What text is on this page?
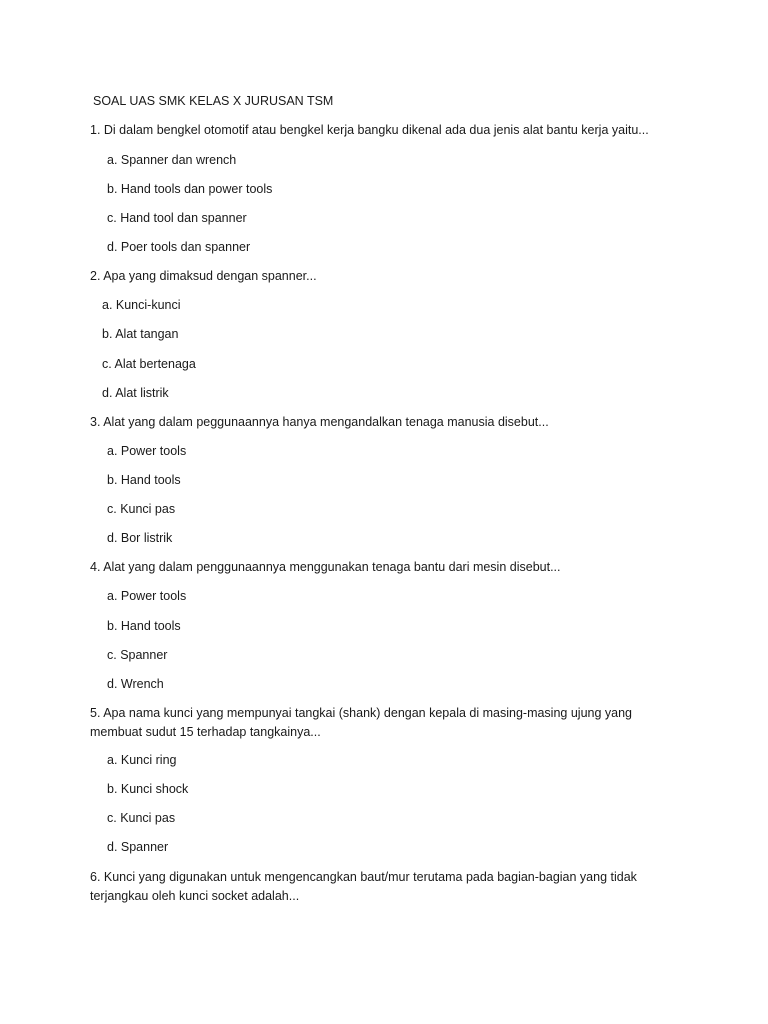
SOAL UAS SMK KELAS X JURUSAN TSM
1. Di dalam bengkel otomotif atau bengkel kerja bangku dikenal ada dua jenis alat bantu kerja yaitu...
a. Spanner dan wrench
b. Hand tools dan power tools
c. Hand tool dan spanner
d. Poer tools dan spanner
2. Apa yang dimaksud dengan spanner...
a. Kunci-kunci
b. Alat tangan
c. Alat bertenaga
d. Alat listrik
3. Alat yang dalam peggunaannya hanya mengandalkan tenaga manusia disebut...
a. Power tools
b. Hand tools
c. Kunci pas
d. Bor listrik
4. Alat yang dalam penggunaannya menggunakan tenaga bantu dari mesin disebut...
a. Power tools
b. Hand tools
c. Spanner
d. Wrench
5. Apa nama kunci yang mempunyai tangkai (shank) dengan kepala di masing-masing ujung yang
membuat sudut 15 terhadap tangkainya...
a. Kunci ring
b. Kunci shock
c. Kunci pas
d. Spanner
6. Kunci yang digunakan untuk mengencangkan baut/mur terutama pada bagian-bagian yang tidak
terjangkau oleh kunci socket adalah...
